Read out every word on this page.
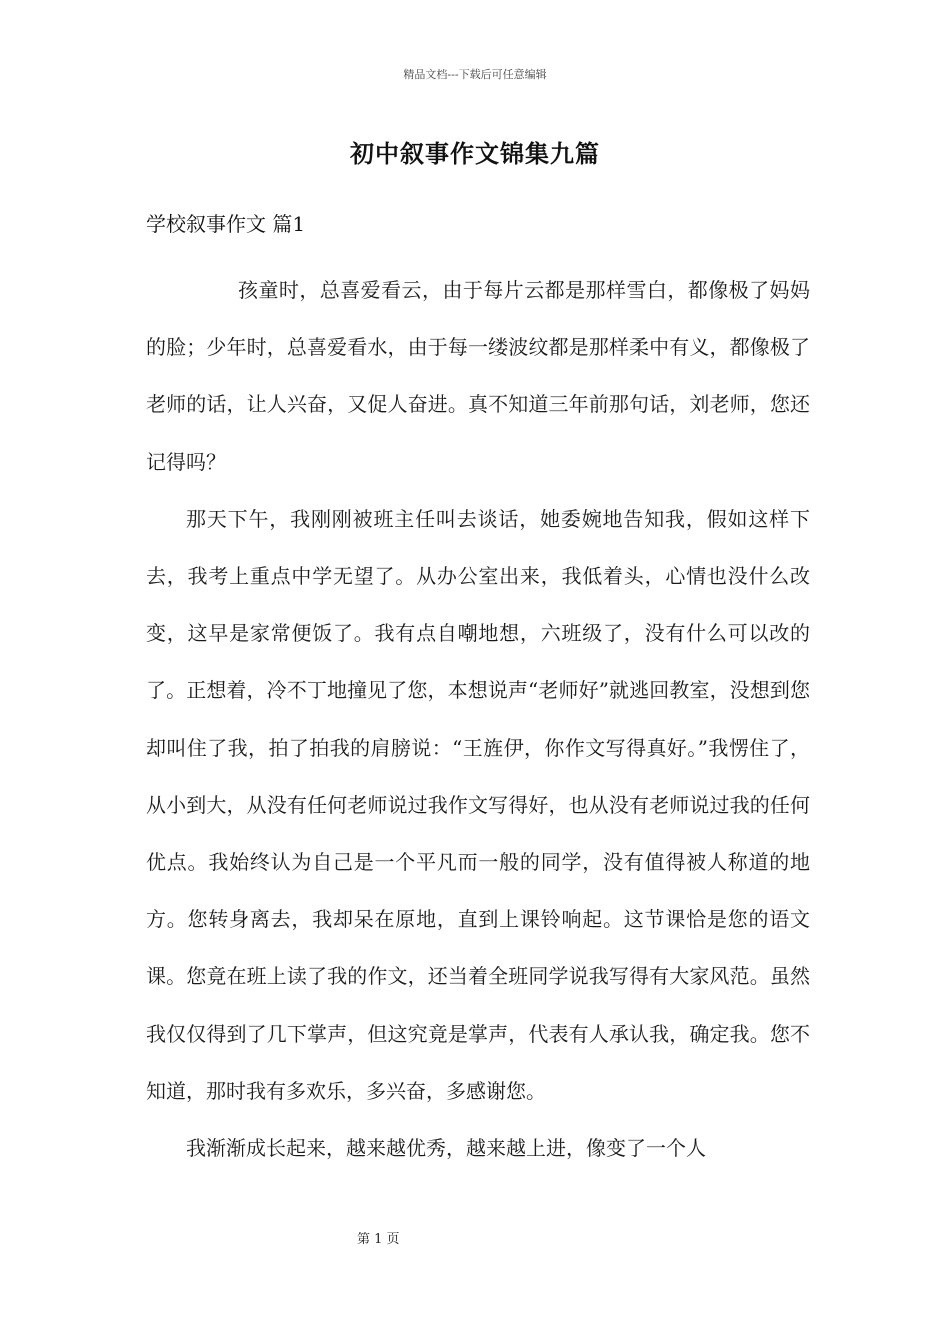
精品文档---下载后可任意编辑
初中叙事作文锦集九篇
学校叙事作文 篇1

孩童时，总喜爱看云，由于每片云都是那样雪白，都像极了妈妈的脸；少年时，总喜爱看水，由于每一缕波纹都是那样柔中有义，都像极了老师的话，让人兴奋，又促人奋进。真不知道三年前那句话，刘老师，您还记得吗？

那天下午，我刚刚被班主任叫去谈话，她委婉地告知我，假如这样下去，我考上重点中学无望了。从办公室出来，我低着头，心情也没什么改变，这早是家常便饭了。我有点自嘲地想，六班级了，没有什么可以改的了。正想着，冷不丁地撞见了您，本想说声“老师好”就逃回教室，没想到您却叫住了我，拍了拍我的肩膀说：“王旌伊，你作文写得真好。”我愣住了，从小到大，从没有任何老师说过我作文写得好，也从没有老师说过我的任何优点。我始终认为自己是一个平凡而一般的同学，没有值得被人称道的地方。您转身离去，我却呆在原地，直到上课铃响起。这节课恰是您的语文课。您竟在班上读了我的作文，还当着全班同学说我写得有大家风范。虽然我仅仅得到了几下掌声，但这究竟是掌声，代表有人承认我，确定我。您不知道，那时我有多欢乐，多兴奋，多感谢您。

我渐渐成长起来，越来越优秀，越来越上进，像变了一个人

第 1 页
